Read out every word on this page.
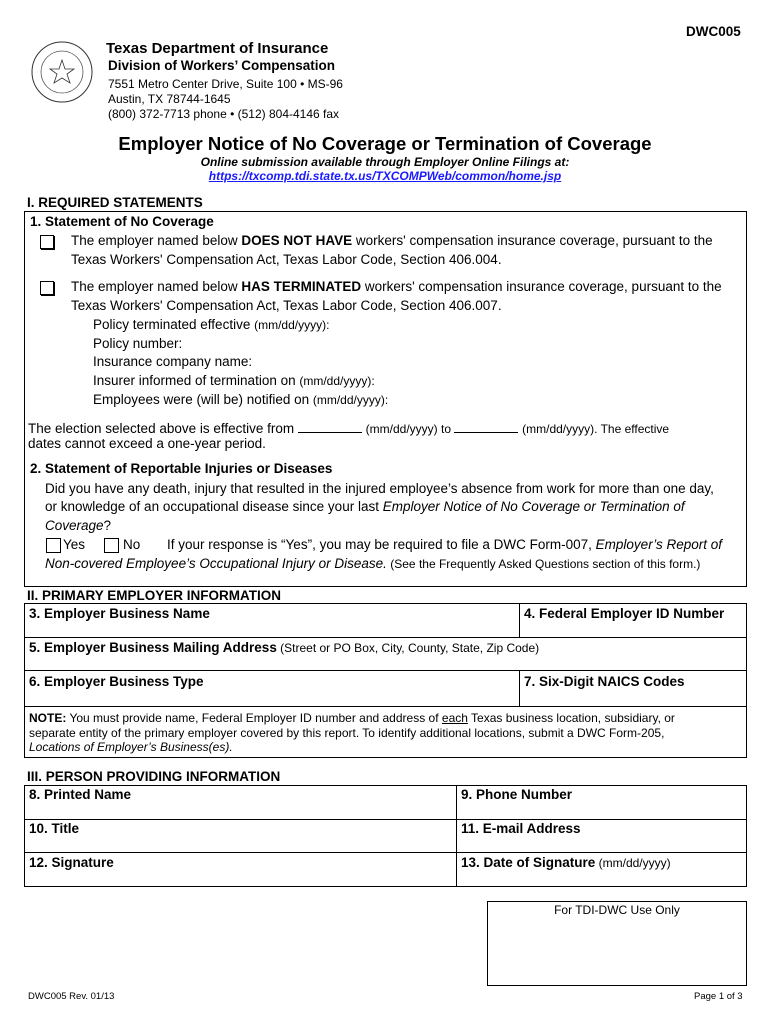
DWC005
Texas Department of Insurance
Division of Workers’ Compensation
7551 Metro Center Drive, Suite 100 • MS-96
Austin, TX 78744-1645
(800) 372-7713 phone • (512) 804-4146 fax
Employer Notice of No Coverage or Termination of Coverage
Online submission available through Employer Online Filings at:
https://txcomp.tdi.state.tx.us/TXCOMPWeb/common/home.jsp
I. REQUIRED STATEMENTS
1. Statement of No Coverage
The employer named below DOES NOT HAVE workers' compensation insurance coverage, pursuant to the
Texas Workers' Compensation Act, Texas Labor Code, Section 406.004.
The employer named below HAS TERMINATED workers' compensation insurance coverage, pursuant to the
Texas Workers' Compensation Act, Texas Labor Code, Section 406.007.
Policy terminated effective (mm/dd/yyyy):
Policy number:
Insurance company name:
Insurer informed of termination on (mm/dd/yyyy):
Employees were (will be) notified on (mm/dd/yyyy):
The election selected above is effective from	(mm/dd/yyyy) to	(mm/dd/yyyy). The effective
dates cannot exceed a one-year period.
2. Statement of Reportable Injuries or Diseases
Did you have any death, injury that resulted in the injured employee’s absence from work for more than one day,
or knowledge of an occupational disease since your last Employer Notice of No Coverage or Termination of
Coverage?
Yes	No If your response is “Yes”, you may be required to file a DWC Form-007, Employer’s Report of
Non-covered Employee’s Occupational Injury or Disease. (See the Frequently Asked Questions section of this form.)
II. PRIMARY EMPLOYER INFORMATION
3. Employer Business Name	4. Federal Employer ID Number
5. Employer Business Mailing Address (Street or PO Box, City, County, State, Zip Code)
6. Employer Business Type	7. Six-Digit NAICS Codes
NOTE: You must provide name, Federal Employer ID number and address of each Texas business location, subsidiary, or
separate entity of the primary employer covered by this report. To identify additional locations, submit a DWC Form-205,
Locations of Employer’s Business(es).
III. PERSON PROVIDING INFORMATION
8. Printed Name	9. Phone Number
10. Title	11. E-mail Address
12. Signature	13. Date of Signature (mm/dd/yyyy)
For TDI-DWC Use Only
DWC005 Rev. 01/13	Page 1 of 3
